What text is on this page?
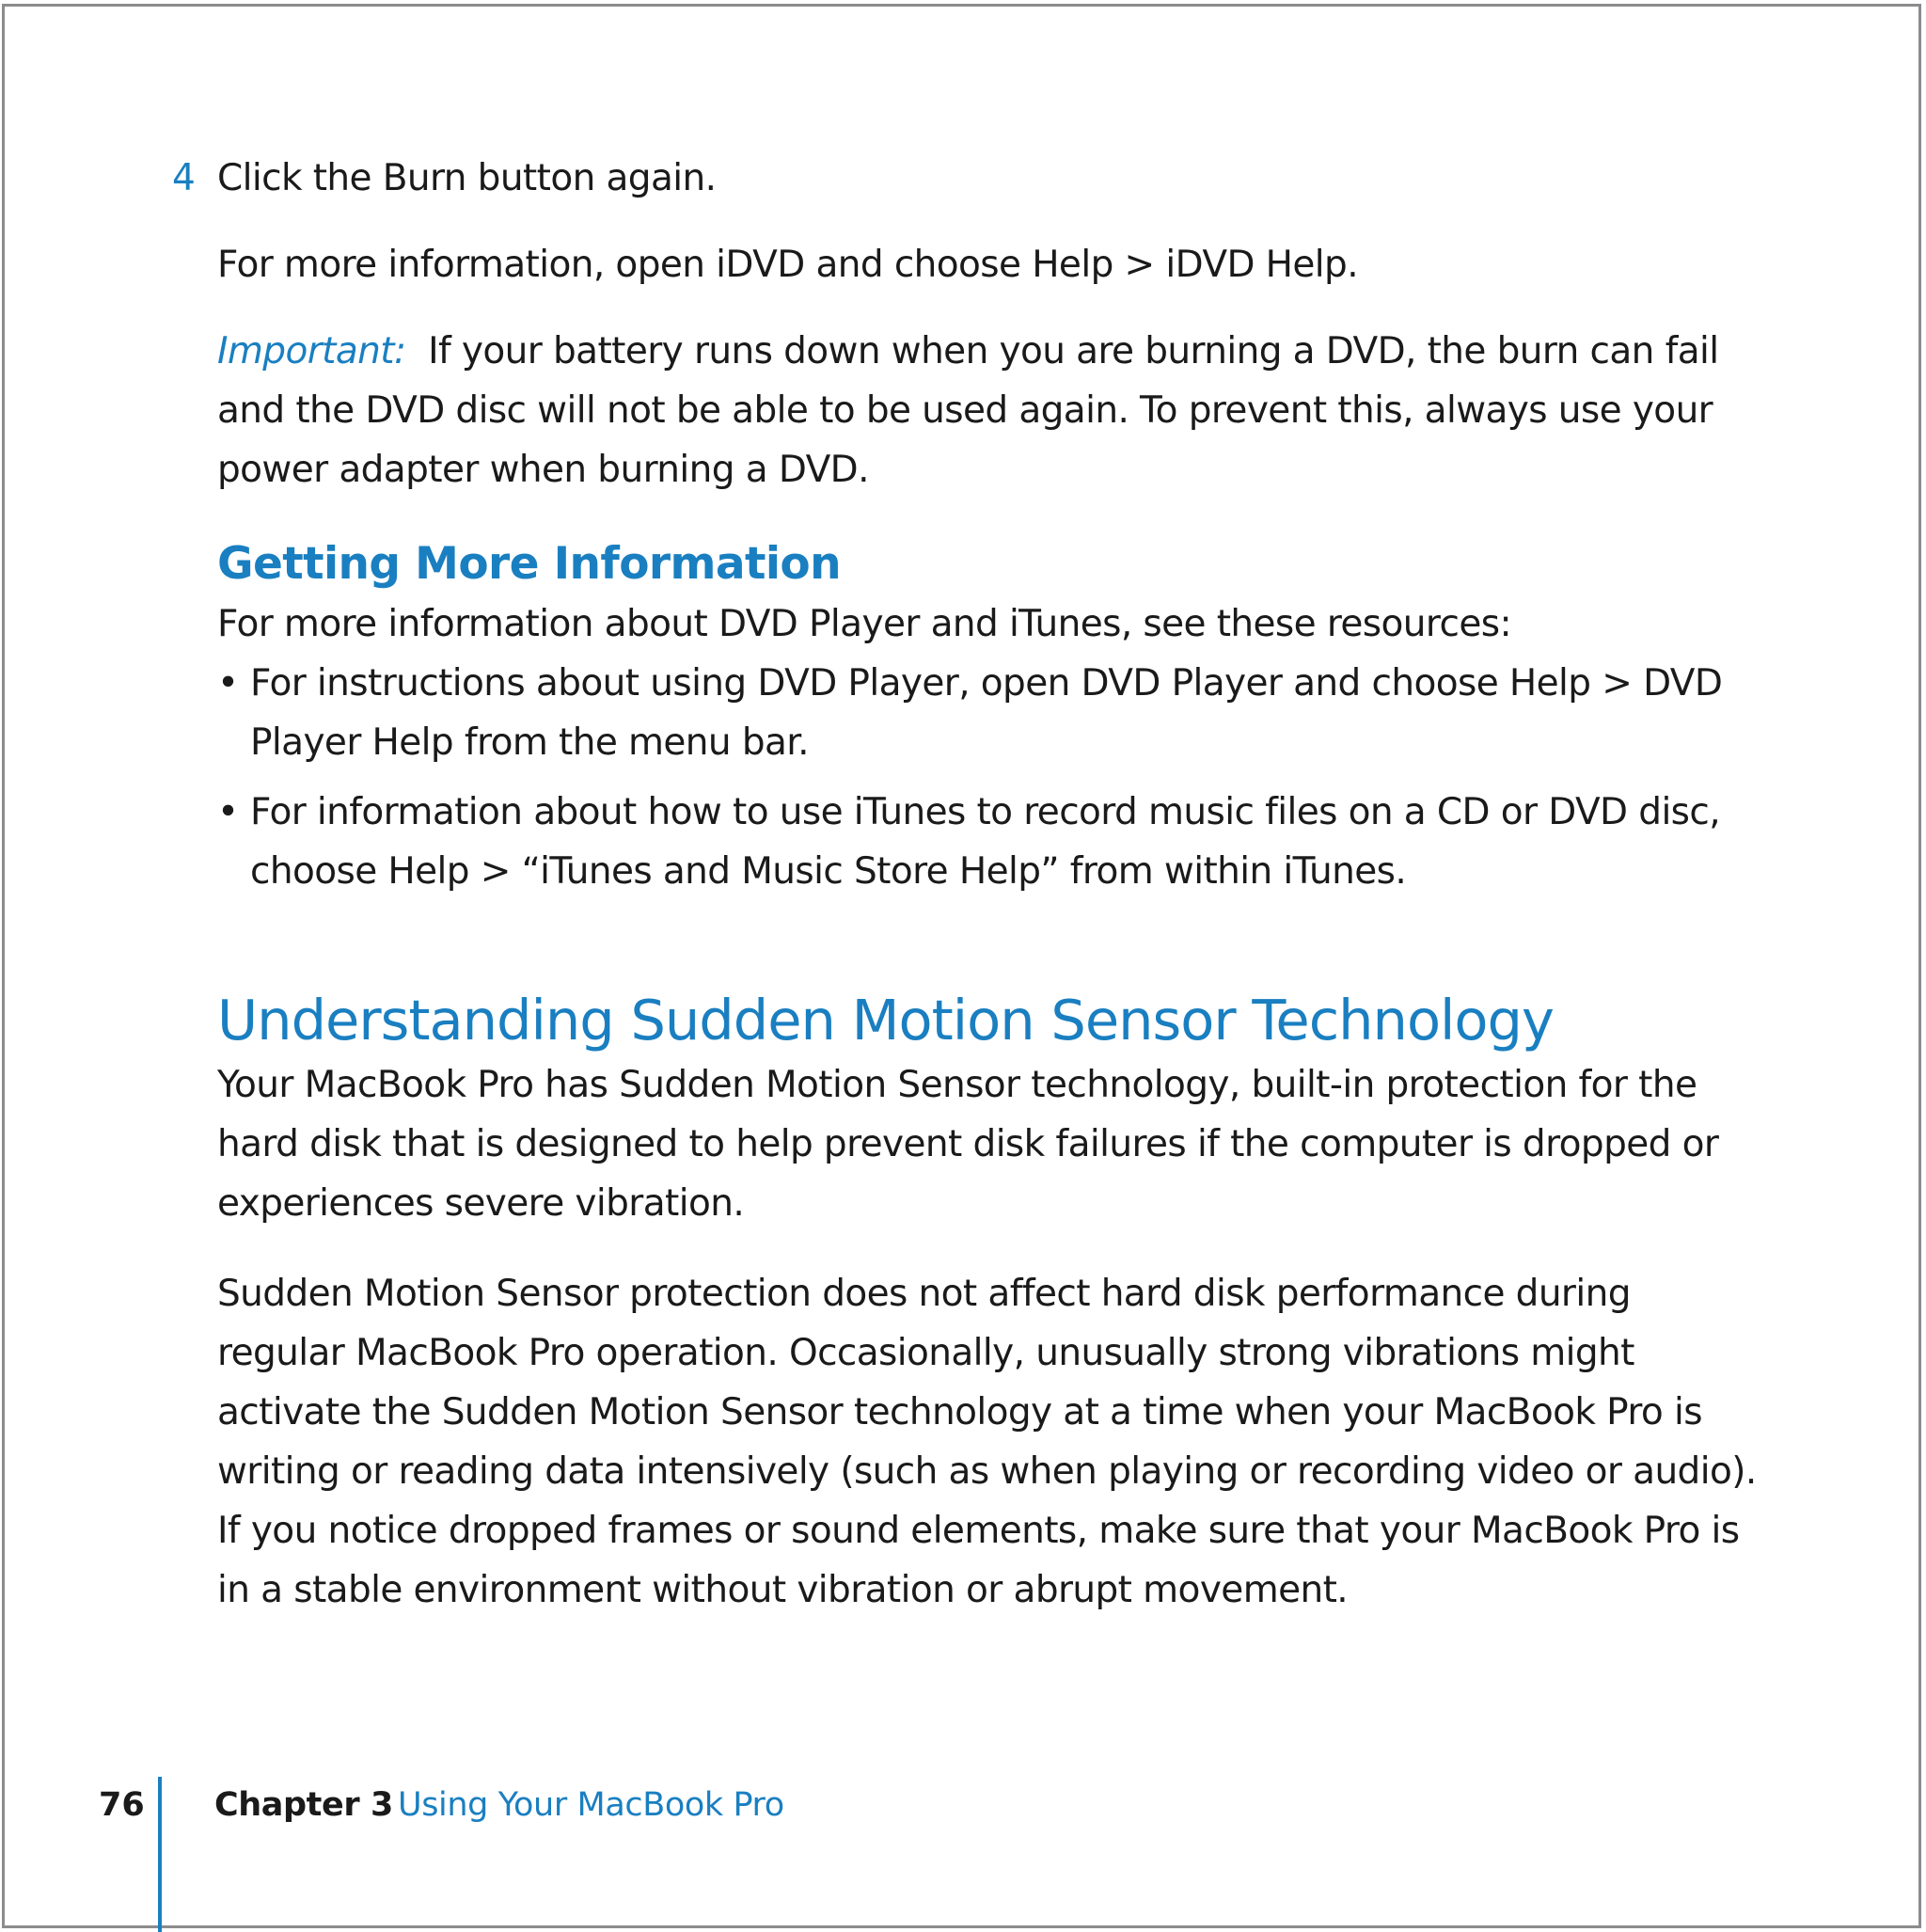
4 Click the Burn button again.

For more information, open iDVD and choose Help > iDVD Help.

Important: If your battery runs down when you are burning a DVD, the burn can fail and the DVD disc will not be able to be used again. To prevent this, always use your power adapter when burning a DVD.

Getting More Information

For more information about DVD Player and iTunes, see these resources:

• For instructions about using DVD Player, open DVD Player and choose Help > DVD Player Help from the menu bar.
• For information about how to use iTunes to record music files on a CD or DVD disc, choose Help > “iTunes and Music Store Help” from within iTunes.
Understanding Sudden Motion Sensor Technology

Your MacBook Pro has Sudden Motion Sensor technology, built-in protection for the hard disk that is designed to help prevent disk failures if the computer is dropped or experiences severe vibration.

Sudden Motion Sensor protection does not affect hard disk performance during regular MacBook Pro operation. Occasionally, unusually strong vibrations might activate the Sudden Motion Sensor technology at a time when your MacBook Pro is writing or reading data intensively (such as when playing or recording video or audio). If you notice dropped frames or sound elements, make sure that your MacBook Pro is in a stable environment without vibration or abrupt movement.

76 Chapter 3 Using Your MacBook Pro
